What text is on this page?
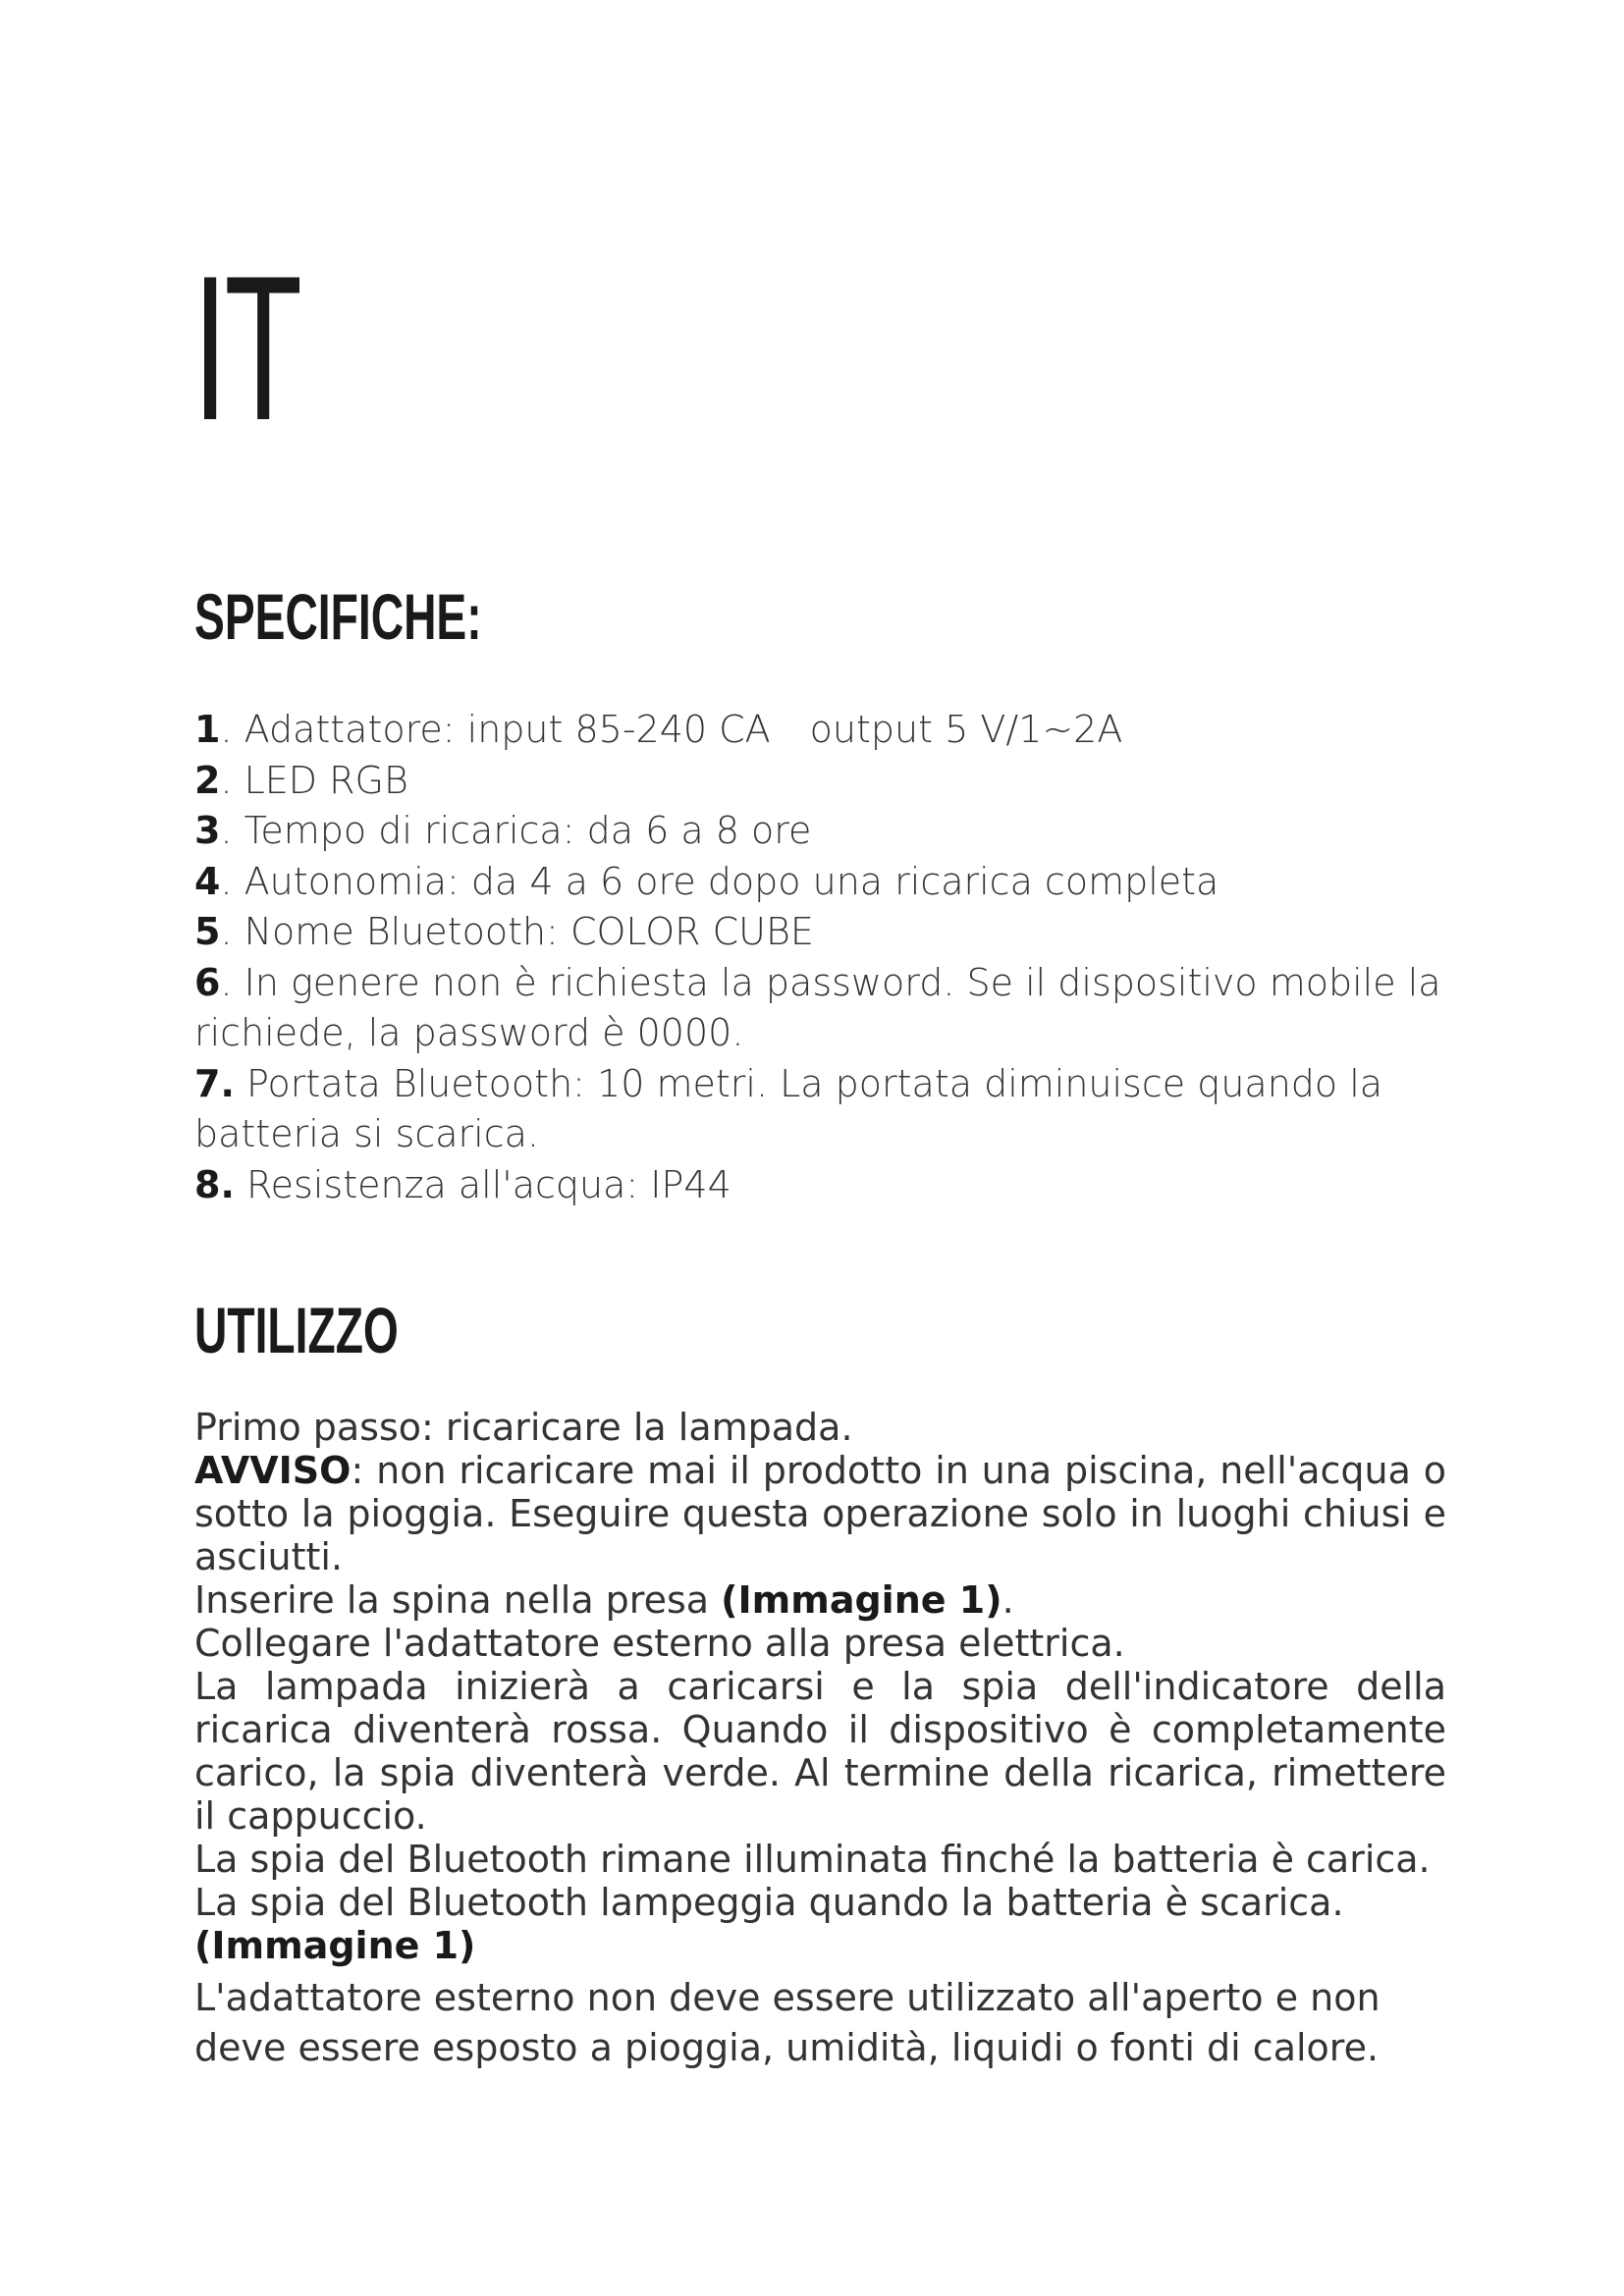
IT
SPECIFICHE:
1. Adattatore: input 85-240 CA output 5 V/1~2A
2. LED RGB
3. Tempo di ricarica: da 6 a 8 ore
4. Autonomia: da 4 a 6 ore dopo una ricarica completa
5. Nome Bluetooth: COLOR CUBE
6. In genere non è richiesta la password. Se il dispositivo mobile la richiede, la password è 0000.
7. Portata Bluetooth: 10 metri. La portata diminuisce quando la batteria si scarica.
8. Resistenza all'acqua: IP44
UTILIZZO

Primo passo: ricaricare la lampada.

AVVISO: non ricaricare mai il prodotto in una piscina, nell'acqua o sotto la pioggia. Eseguire questa operazione solo in luoghi chiusi e asciutti.

Inserire la spina nella presa (Immagine 1).

Collegare l'adattatore esterno alla presa elettrica.

La lampada inizierà a caricarsi e la spia dell'indicatore della ricarica diventerà rossa. Quando il dispositivo è completamente carico, la spia diventerà verde. Al termine della ricarica, rimettere il cappuccio.

La spia del Bluetooth rimane illuminata finché la batteria è carica.

La spia del Bluetooth lampeggia quando la batteria è scarica.

(Immagine 1)

L'adattatore esterno non deve essere utilizzato all'aperto e non deve essere esposto a pioggia, umidità, liquidi o fonti di calore.
